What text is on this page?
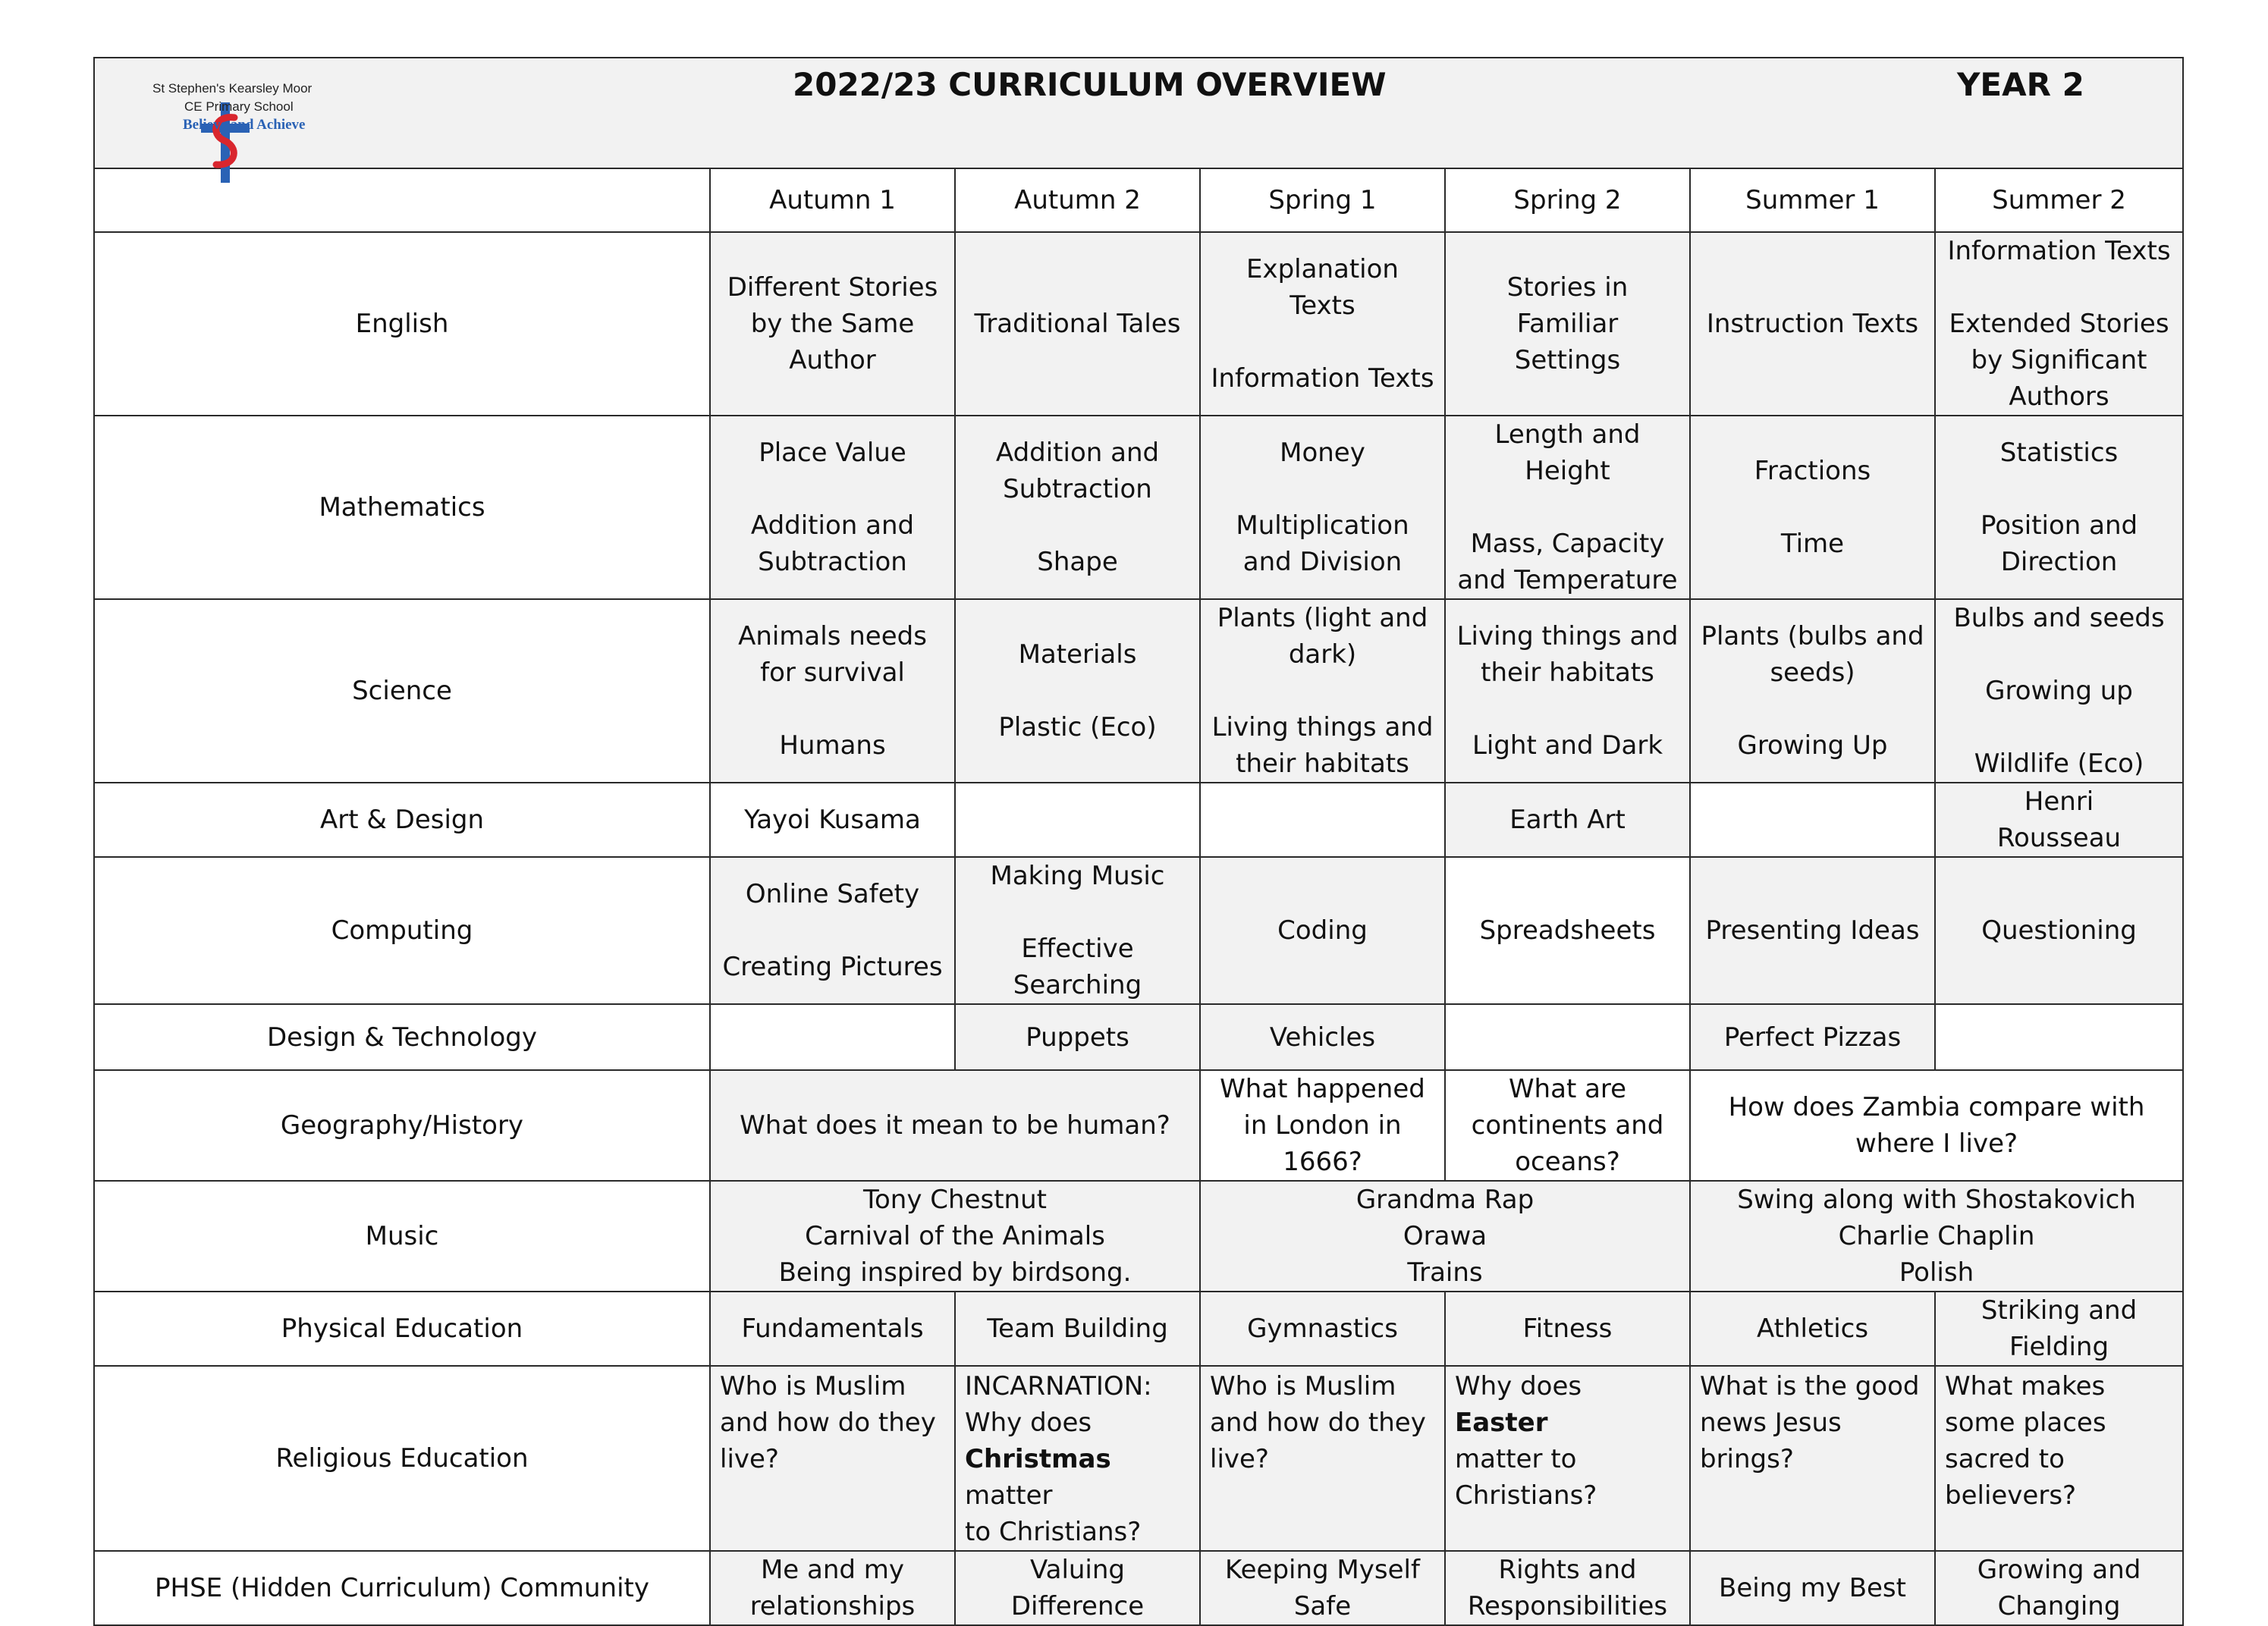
St Stephen's Kearsley Moor
CE Primary School
Believe and Achieve

2022/23 CURRICULUM OVERVIEW YEAR 2						

	Autumn 1	Autumn 2	Spring 1	Spring 2	Summer 1	Summer 2
English	Different Stories
by the Same
Author	Traditional Tales	Explanation Texts

Information Texts	Stories in Familiar
Settings	Instruction Texts	Information Texts

Extended Stories
by Significant
Authors
Mathematics	Place Value

Addition and
Subtraction	Addition and
Subtraction

Shape	Money

Multiplication
and Division	Length and
Height

Mass, Capacity
and Temperature	Fractions

Time	Statistics

Position and
Direction
Science	Animals needs
for survival

Humans	Materials

Plastic (Eco)	Plants (light and
dark)

Living things and
their habitats	Living things and
their habitats

Light and Dark	Plants (bulbs and
seeds)

Growing Up	Bulbs and seeds

Growing up

Wildlife (Eco)
Art & Design	Yayoi Kusama			Earth Art		Henri
Rousseau
Computing	Online Safety

Creating Pictures	Making Music

Effective
Searching	Coding	Spreadsheets	Presenting Ideas	Questioning
Design & Technology		Puppets	Vehicles		Perfect Pizzas	
Geography/History	What does it mean to be human?		What happened
in London in
1666?	What are
continents and
oceans?	How does Zambia compare with
where I live?	
Music	Tony Chestnut
Carnival of the Animals
Being inspired by birdsong.		Grandma Rap
Orawa
Trains		Swing along with Shostakovich
Charlie Chaplin
Polish	
Physical Education	Fundamentals	Team Building	Gymnastics	Fitness	Athletics	Striking and
Fielding
Religious Education	Who is Muslim
and how do they
live?	INCARNATION:
Why does
Christmas matter
to Christians?	Who is Muslim
and how do they
live?	Why does Easter
matter to
Christians?	What is the good
news Jesus
brings?	What makes
some places
sacred to
believers?
PHSE (Hidden Curriculum) Community	Me and my
relationships	Valuing
Difference	Keeping Myself
Safe	Rights and
Responsibilities	Being my Best	Growing and
Changing
